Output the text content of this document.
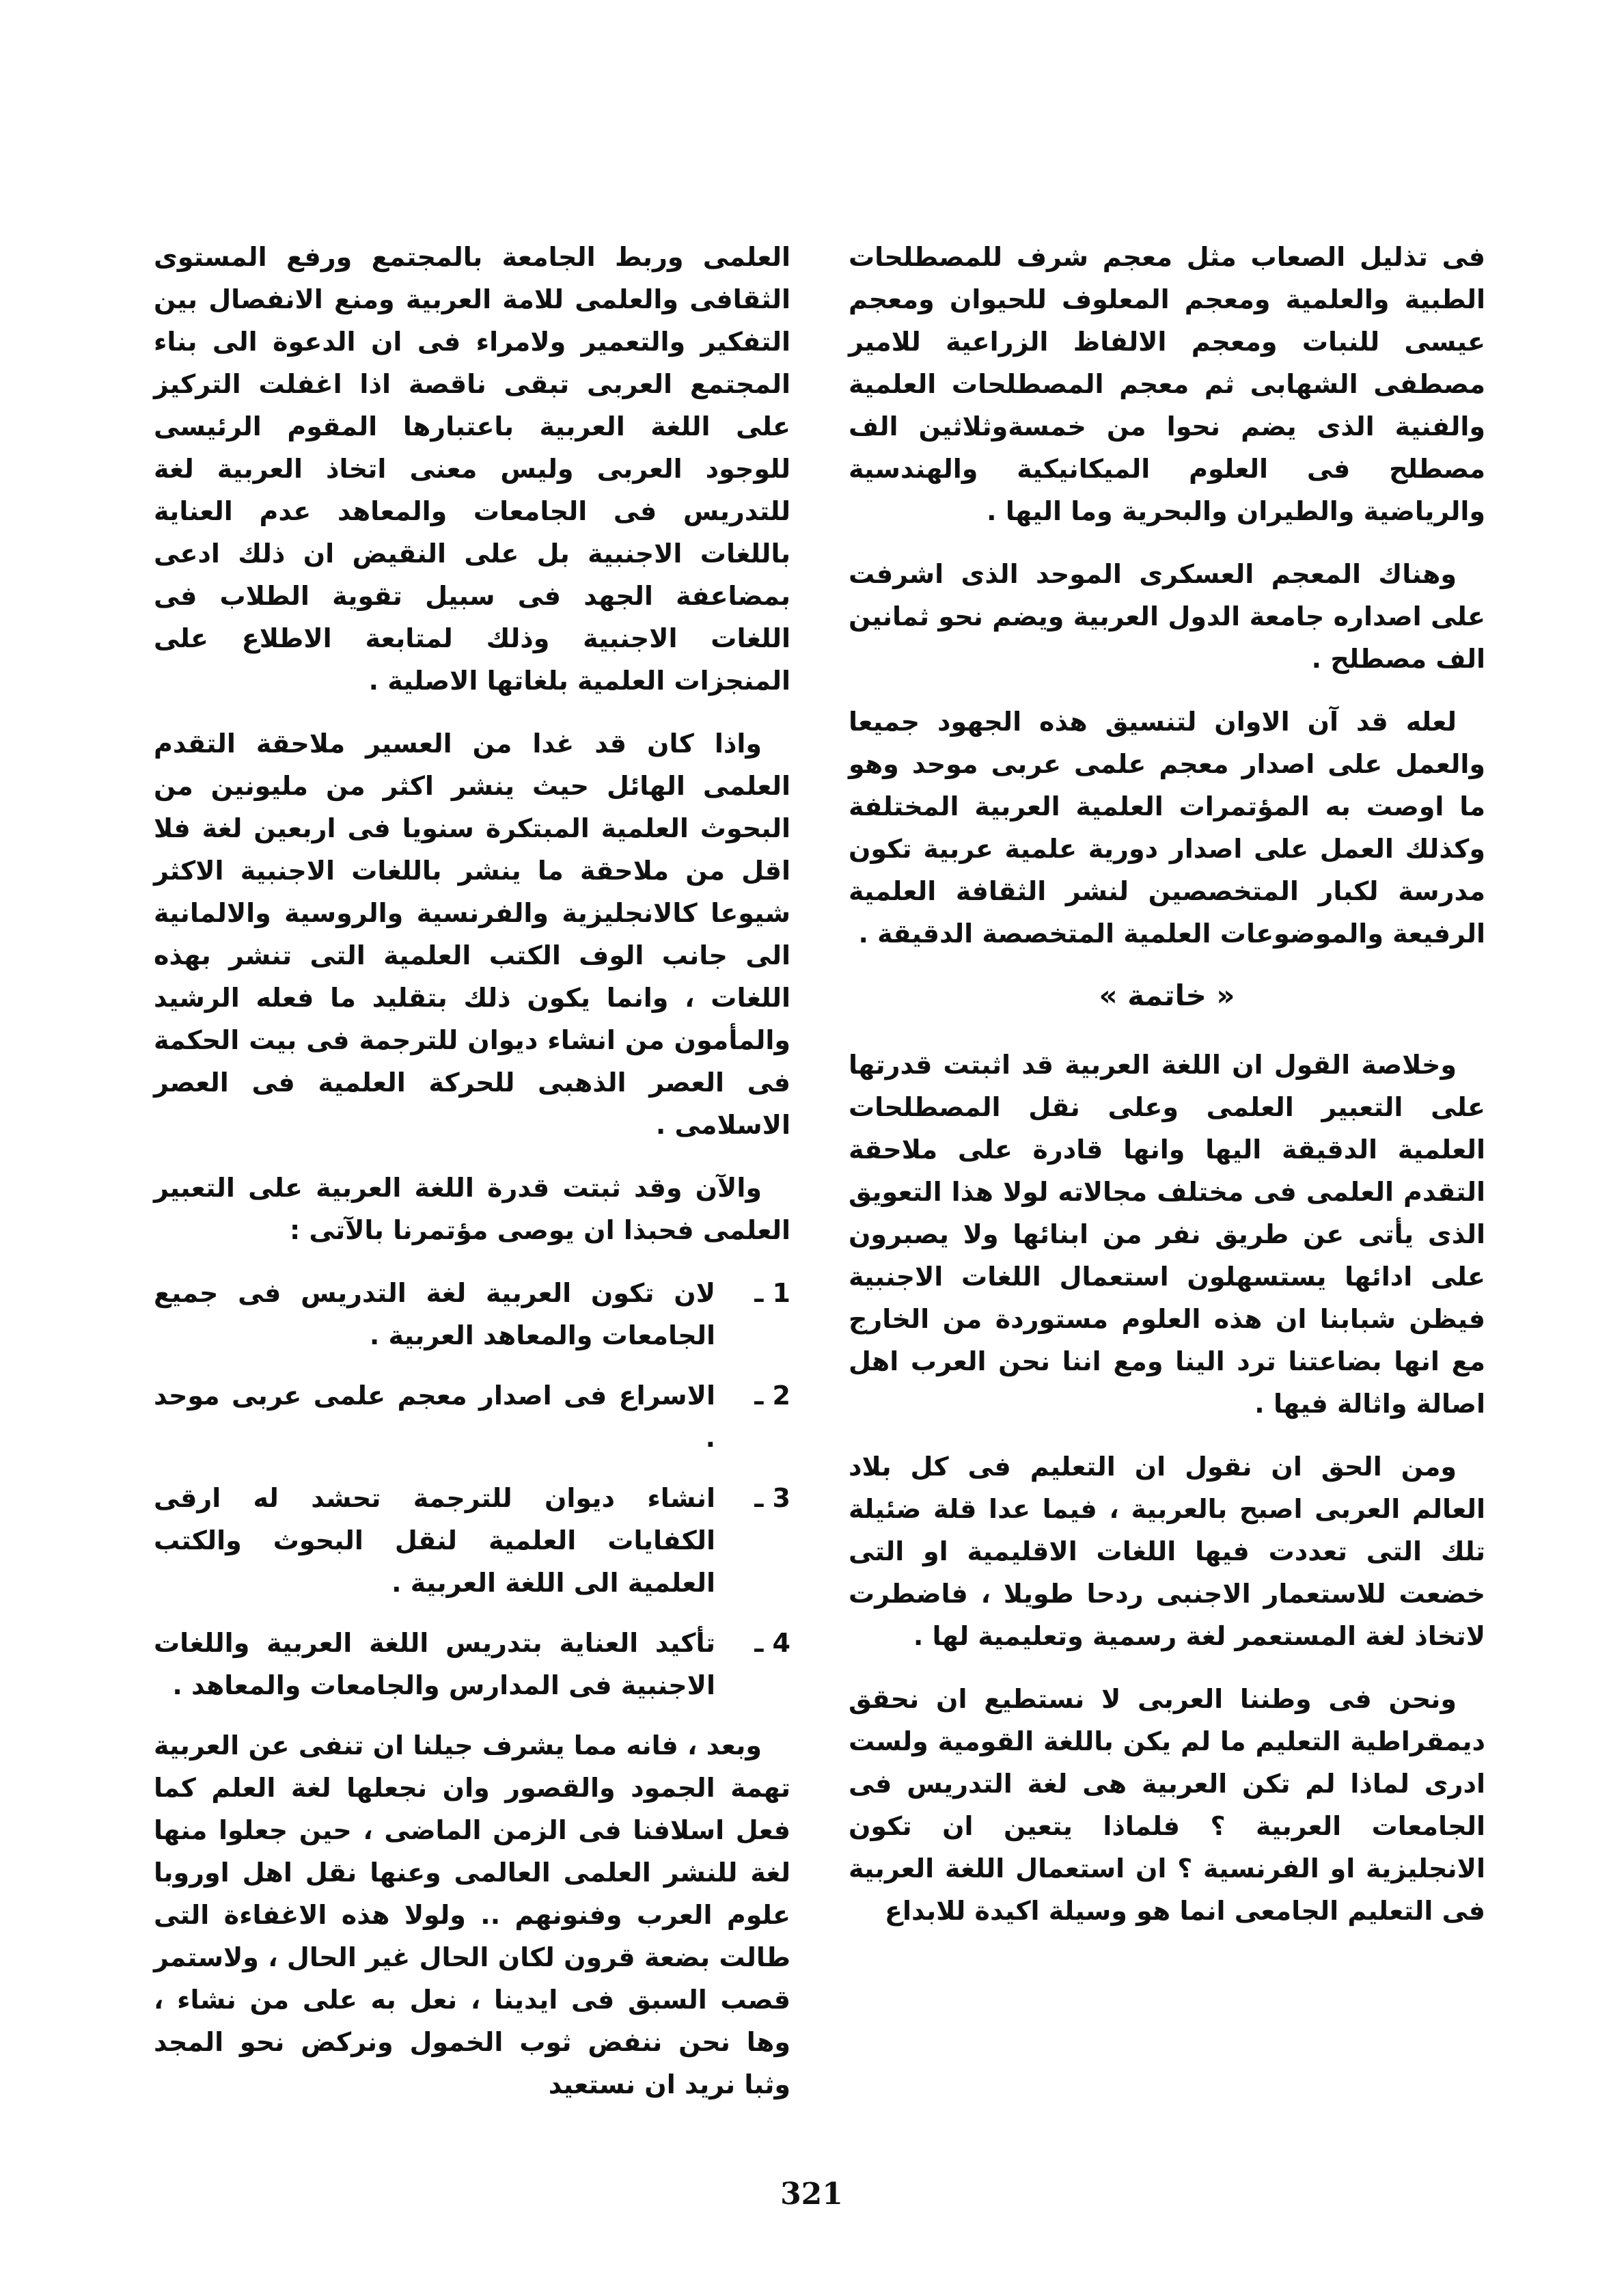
فى تذليل الصعاب مثل معجم شرف للمصطلحات الطبية والعلمية ومعجم المعلوف للحيوان ومعجم عيسى للنبات ومعجم الالفاظ الزراعية للامير مصطفى الشهابى ثم معجم المصطلحات العلمية والفنية الذى يضم نحوا من خمسةوثلاثين الف مصطلح فى العلوم الميكانيكية والهندسية والرياضية والطيران والبحرية وما اليها .

وهناك المعجم العسكرى الموحد الذى اشرفت على اصداره جامعة الدول العربية ويضم نحو ثمانين الف مصطلح .

لعله قد آن الاوان لتنسيق هذه الجهود جميعا والعمل على اصدار معجم علمى عربى موحد وهو ما اوصت به المؤتمرات العلمية العربية المختلفة وكذلك العمل على اصدار دورية علمية عربية تكون مدرسة لكبار المتخصصين لنشر الثقافة العلمية الرفيعة والموضوعات العلمية المتخصصة الدقيقة .

« خاتمة »

وخلاصة القول ان اللغة العربية قد اثبتت قدرتها على التعبير العلمى وعلى نقل المصطلحات العلمية الدقيقة اليها وانها قادرة على ملاحقة التقدم العلمى فى مختلف مجالاته لولا هذا التعويق الذى يأتى عن طريق نفر من ابنائها ولا يصبرون على ادائها يستسهلون استعمال اللغات الاجنبية فيظن شبابنا ان هذه العلوم مستوردة من الخارج مع انها بضاعتنا ترد الينا ومع اننا نحن العرب اهل اصالة واثالة فيها .

ومن الحق ان نقول ان التعليم فى كل بلاد العالم العربى اصبح بالعربية ، فيما عدا قلة ضئيلة تلك التى تعددت فيها اللغات الاقليمية او التى خضعت للاستعمار الاجنبى ردحا طويلا ، فاضطرت لاتخاذ لغة المستعمر لغة رسمية وتعليمية لها .

ونحن فى وطننا العربى لا نستطيع ان نحقق ديمقراطية التعليم ما لم يكن باللغة القومية ولست ادرى لماذا لم تكن العربية هى لغة التدريس فى الجامعات العربية ؟ فلماذا يتعين ان تكون الانجليزية او الفرنسية ؟ ان استعمال اللغة العربية فى التعليم الجامعى انما هو وسيلة اكيدة للابداع

العلمى وربط الجامعة بالمجتمع ورفع المستوى الثقافى والعلمى للامة العربية ومنع الانفصال بين التفكير والتعمير ولامراء فى ان الدعوة الى بناء المجتمع العربى تبقى ناقصة اذا اغفلت التركيز على اللغة العربية باعتبارها المقوم الرئيسى للوجود العربى وليس معنى اتخاذ العربية لغة للتدريس فى الجامعات والمعاهد عدم العناية باللغات الاجنبية بل على النقيض ان ذلك ادعى بمضاعفة الجهد فى سبيل تقوية الطلاب فى اللغات الاجنبية وذلك لمتابعة الاطلاع على المنجزات العلمية بلغاتها الاصلية .

واذا كان قد غدا من العسير ملاحقة التقدم العلمى الهائل حيث ينشر اكثر من مليونين من البحوث العلمية المبتكرة سنويا فى اربعين لغة فلا اقل من ملاحقة ما ينشر باللغات الاجنبية الاكثر شيوعا كالانجليزية والفرنسية والروسية والالمانية الى جانب الوف الكتب العلمية التى تنشر بهذه اللغات ، وانما يكون ذلك بتقليد ما فعله الرشيد والمأمون من انشاء ديوان للترجمة فى بيت الحكمة فى العصر الذهبى للحركة العلمية فى العصر الاسلامى .

والآن وقد ثبتت قدرة اللغة العربية على التعبير العلمى فحبذا ان يوصى مؤتمرنا بالآتى :

1 ـ
لان تكون العربية لغة التدريس فى جميع الجامعات والمعاهد العربية .
2 ـ
الاسراع فى اصدار معجم علمى عربى موحد .
3 ـ
انشاء ديوان للترجمة تحشد له ارقى الكفايات العلمية لنقل البحوث والكتب العلمية الى اللغة العربية .
4 ـ
تأكيد العناية بتدريس اللغة العربية واللغات الاجنبية فى المدارس والجامعات والمعاهد .

وبعد ، فانه مما يشرف جيلنا ان تنفى عن العربية تهمة الجمود والقصور وان نجعلها لغة العلم كما فعل اسلافنا فى الزمن الماضى ، حين جعلوا منها لغة للنشر العلمى العالمى وعنها نقل اهل اوروبا علوم العرب وفنونهم .. ولولا هذه الاغفاءة التى طالت بضعة قرون لكان الحال غير الحال ، ولاستمر قصب السبق فى ايدينا ، نعل به على من نشاء ، وها نحن ننفض ثوب الخمول ونركض نحو المجد وثبا نريد ان نستعيد

321
